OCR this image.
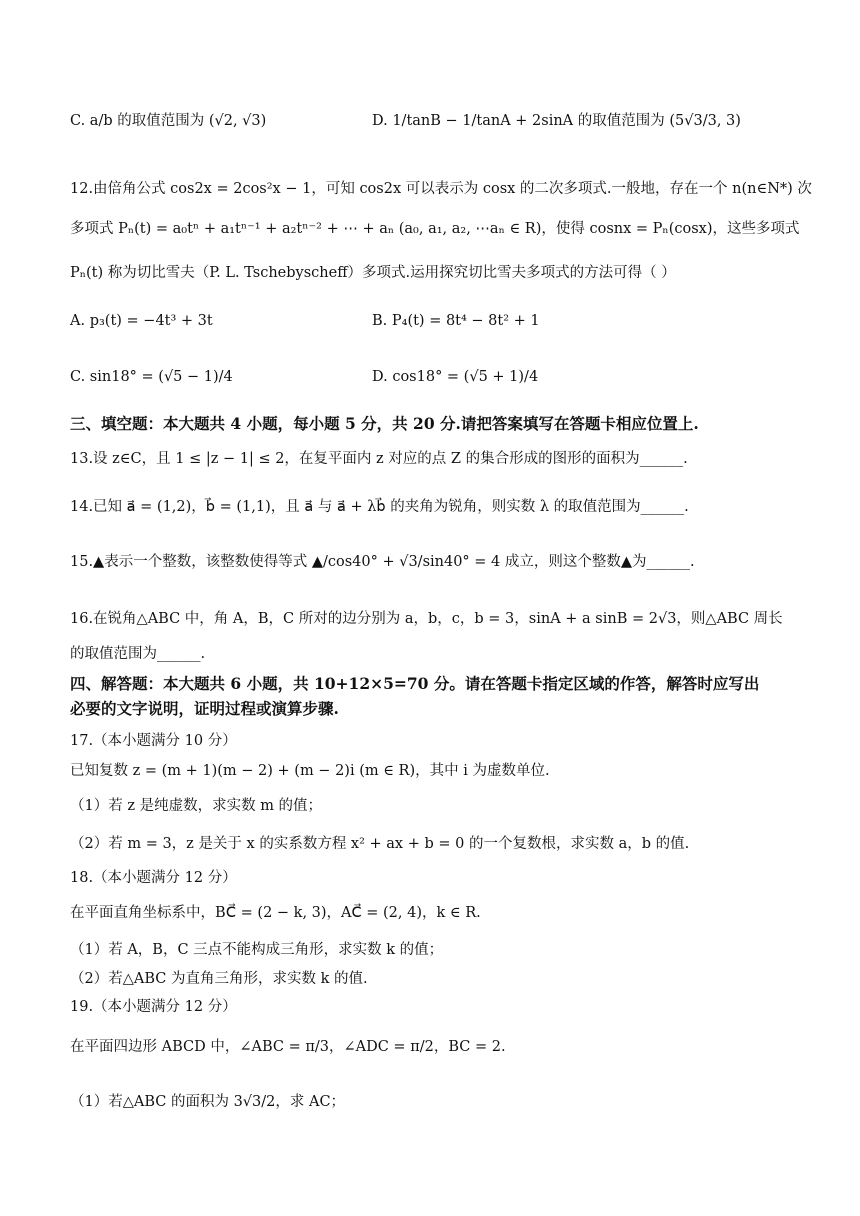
C. a/b 的取值范围为 (√2, √3)	D. 1/tanB − 1/tanA + 2sinA 的取值范围为 (5√3/3, 3)
12.由倍角公式 cos2x = 2cos²x − 1，可知 cos2x 可以表示为 cosx 的二次多项式.一般地，存在一个 n(n∈N*) 次
多项式 Pₙ(t) = a₀tⁿ + a₁tⁿ⁻¹ + a₂tⁿ⁻² + ⋯ + aₙ (a₀, a₁, a₂, ⋯aₙ ∈ R)，使得 cosnx = Pₙ(cosx)，这些多项式
Pₙ(t) 称为切比雪夫（P. L. Tschebyscheff）多项式.运用探究切比雪夫多项式的方法可得（ ）
A. p₃(t) = −4t³ + 3t	B. P₄(t) = 8t⁴ − 8t² + 1
C. sin18° = (√5 − 1)/4	D. cos18° = (√5 + 1)/4
三、填空题：本大题共 4 小题，每小题 5 分，共 20 分.请把答案填写在答题卡相应位置上.
13.设 z∈C，且 1 ≤ |z − 1| ≤ 2，在复平面内 z 对应的点 Z 的集合形成的图形的面积为______.
14.已知 a⃗ = (1,2)，b⃗ = (1,1)，且 a⃗ 与 a⃗ + λb⃗ 的夹角为锐角，则实数 λ 的取值范围为______.
15.▲表示一个整数，该整数使得等式 ▲/cos40° + √3/sin40° = 4 成立，则这个整数▲为______.
16.在锐角△ABC 中，角 A，B，C 所对的边分别为 a，b，c，b = 3，sinA + a sinB = 2√3，则△ABC 周长
的取值范围为______.
四、解答题：本大题共 6 小题，共 10+12×5=70 分。请在答题卡指定区域的作答，解答时应写出
必要的文字说明，证明过程或演算步骤.
17.（本小题满分 10 分）
已知复数 z = (m + 1)(m − 2) + (m − 2)i (m ∈ R)，其中 i 为虚数单位.
（1）若 z 是纯虚数，求实数 m 的值；
（2）若 m = 3，z 是关于 x 的实系数方程 x² + ax + b = 0 的一个复数根，求实数 a，b 的值.
18.（本小题满分 12 分）
在平面直角坐标系中，BC⃗ = (2 − k, 3)，AC⃗ = (2, 4)，k ∈ R.
（1）若 A，B，C 三点不能构成三角形，求实数 k 的值；
（2）若△ABC 为直角三角形，求实数 k 的值.
19.（本小题满分 12 分）
在平面四边形 ABCD 中，∠ABC = π/3，∠ADC = π/2，BC = 2.
（1）若△ABC 的面积为 3√3/2，求 AC；
